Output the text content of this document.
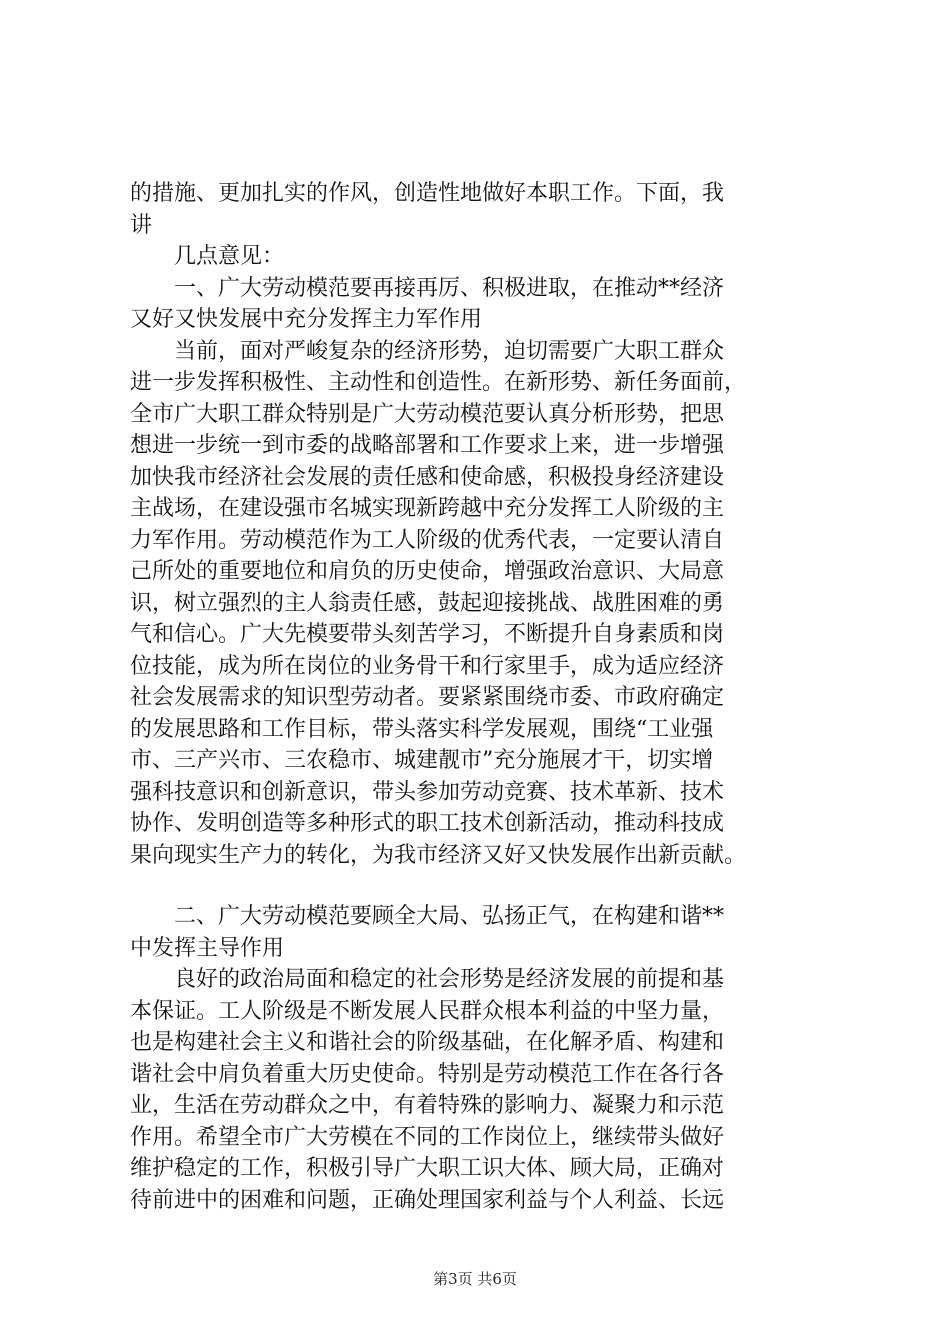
的措施、更加扎实的作风，创造性地做好本职工作。下面，我
讲
　　几点意见：

　　一、广大劳动模范要再接再厉、积极进取，在推动**经济
又好又快发展中充分发挥主力军作用

　　当前，面对严峻复杂的经济形势，迫切需要广大职工群众
进一步发挥积极性、主动性和创造性。在新形势、新任务面前，
全市广大职工群众特别是广大劳动模范要认真分析形势，把思
想进一步统一到市委的战略部署和工作要求上来，进一步增强
加快我市经济社会发展的责任感和使命感，积极投身经济建设
主战场，在建设强市名城实现新跨越中充分发挥工人阶级的主
力军作用。劳动模范作为工人阶级的优秀代表，一定要认清自
己所处的重要地位和肩负的历史使命，增强政治意识、大局意
识，树立强烈的主人翁责任感，鼓起迎接挑战、战胜困难的勇
气和信心。广大先模要带头刻苦学习，不断提升自身素质和岗
位技能，成为所在岗位的业务骨干和行家里手，成为适应经济
社会发展需求的知识型劳动者。要紧紧围绕市委、市政府确定
的发展思路和工作目标，带头落实科学发展观，围绕“工业强
市、三产兴市、三农稳市、城建靓市”充分施展才干，切实增
强科技意识和创新意识，带头参加劳动竞赛、技术革新、技术
协作、发明创造等多种形式的职工技术创新活动，推动科技成
果向现实生产力的转化，为我市经济又好又快发展作出新贡献。

　　二、广大劳动模范要顾全大局、弘扬正气，在构建和谐**
中发挥主导作用

　　良好的政治局面和稳定的社会形势是经济发展的前提和基
本保证。工人阶级是不断发展人民群众根本利益的中坚力量，
也是构建社会主义和谐社会的阶级基础，在化解矛盾、构建和
谐社会中肩负着重大历史使命。特别是劳动模范工作在各行各
业，生活在劳动群众之中，有着特殊的影响力、凝聚力和示范
作用。希望全市广大劳模在不同的工作岗位上，继续带头做好
维护稳定的工作，积极引导广大职工识大体、顾大局，正确对
待前进中的困难和问题，正确处理国家利益与个人利益、长远

第3页 共6页
